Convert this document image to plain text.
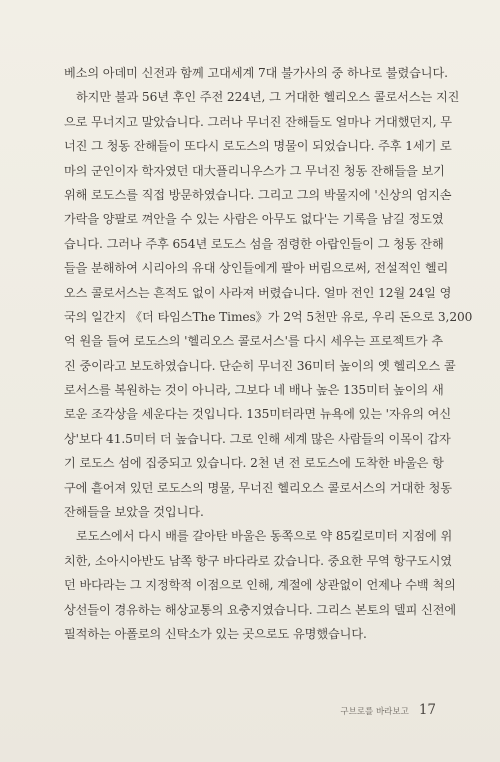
베소의 아데미 신전과 함께 고대세계 7대 불가사의 중 하나로 불렸습니다.
하지만 불과 56년 후인 주전 224년, 그 거대한 헬리오스 콜로서스는 지진
으로 무너지고 말았습니다. 그러나 무너진 잔해들도 얼마나 거대했던지, 무
너진 그 청동 잔해들이 또다시 로도스의 명물이 되었습니다. 주후 1세기 로
마의 군인이자 학자였던 대大플리니우스가 그 무너진 청동 잔해들을 보기
위해 로도스를 직접 방문하였습니다. 그리고 그의 박물지에 '신상의 엄지손
가락을 양팔로 껴안을 수 있는 사람은 아무도 없다'는 기록을 남길 정도였
습니다. 그러나 주후 654년 로도스 섬을 점령한 아랍인들이 그 청동 잔해
들을 분해하여 시리아의 유대 상인들에게 팔아 버림으로써, 전설적인 헬리
오스 콜로서스는 흔적도 없이 사라져 버렸습니다. 얼마 전인 12월 24일 영
국의 일간지 《더 타임스The Times》가 2억 5천만 유로, 우리 돈으로 3,200
억 원을 들여 로도스의 '헬리오스 콜로서스'를 다시 세우는 프로젝트가 추
진 중이라고 보도하였습니다. 단순히 무너진 36미터 높이의 옛 헬리오스 콜
로서스를 복원하는 것이 아니라, 그보다 네 배나 높은 135미터 높이의 새
로운 조각상을 세운다는 것입니다. 135미터라면 뉴욕에 있는 '자유의 여신
상'보다 41.5미터 더 높습니다. 그로 인해 세계 많은 사람들의 이목이 갑자
기 로도스 섬에 집중되고 있습니다. 2천 년 전 로도스에 도착한 바울은 항
구에 흩어져 있던 로도스의 명물, 무너진 헬리오스 콜로서스의 거대한 청동
잔해들을 보았을 것입니다.
로도스에서 다시 배를 갈아탄 바울은 동쪽으로 약 85킬로미터 지점에 위
치한, 소아시아반도 남쪽 항구 바다라로 갔습니다. 중요한 무역 항구도시였
던 바다라는 그 지정학적 이점으로 인해, 계절에 상관없이 언제나 수백 척의
상선들이 경유하는 해상교통의 요충지였습니다. 그리스 본토의 델피 신전에
필적하는 아폴로의 신탁소가 있는 곳으로도 유명했습니다.
구브로를 바라보고 17
